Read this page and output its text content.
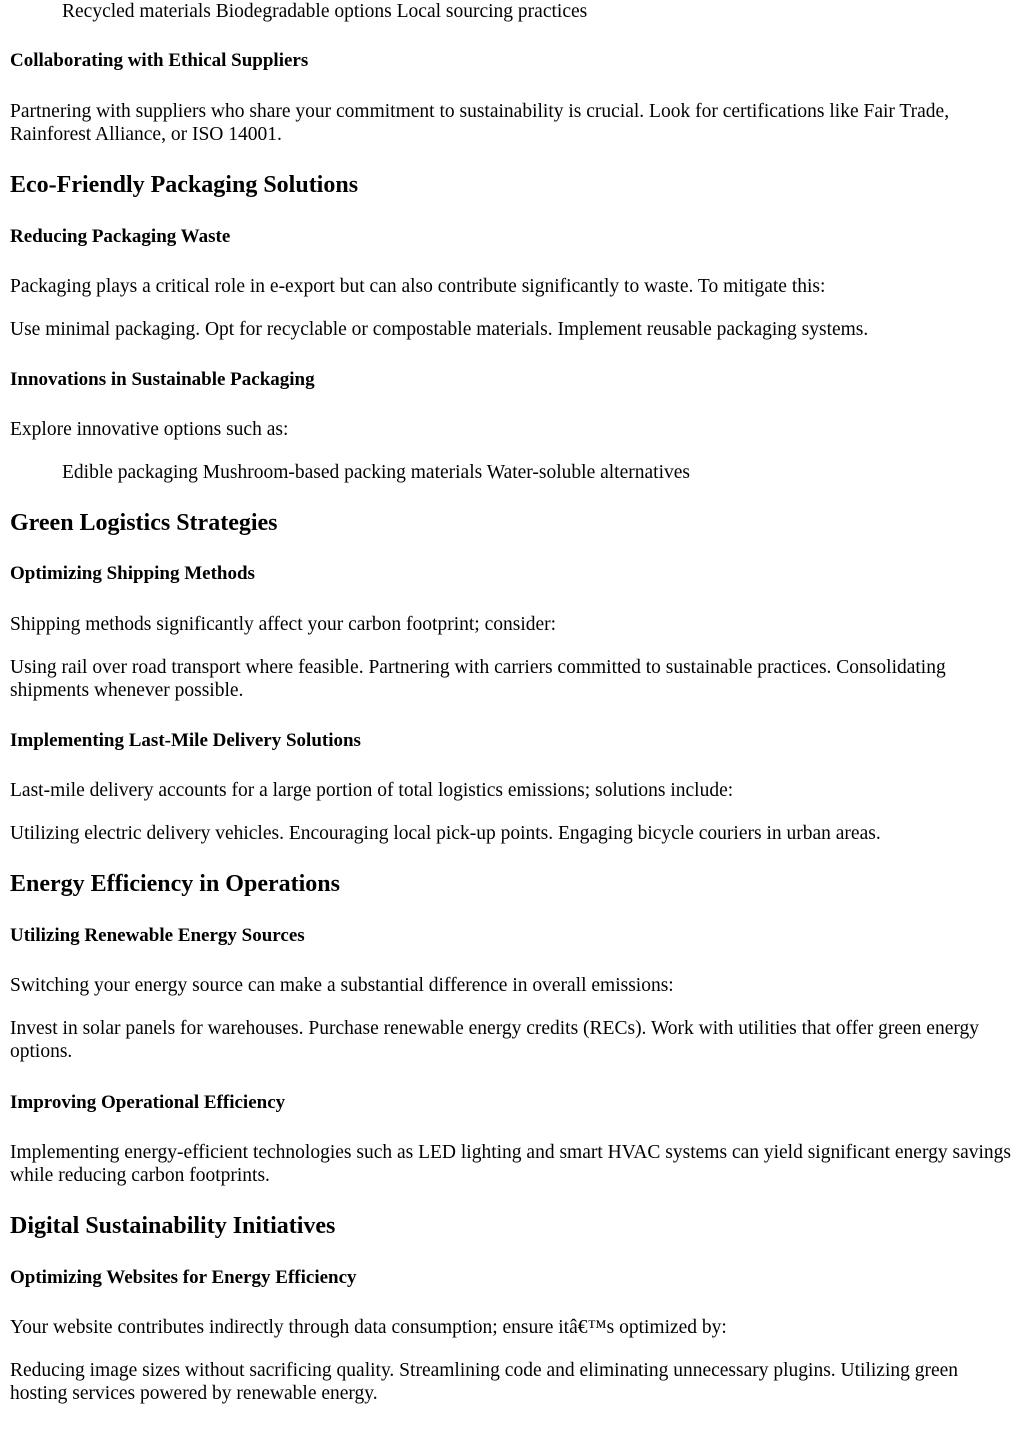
Recycled materials Biodegradable options Local sourcing practices
Collaborating with Ethical Suppliers

Partnering with suppliers who share your commitment to sustainability is crucial. Look for certifications like Fair Trade, Rainforest Alliance, or ISO 14001.

Eco-Friendly Packaging Solutions
Reducing Packaging Waste

Packaging plays a critical role in e-export but can also contribute significantly to waste. To mitigate this:

Use minimal packaging. Opt for recyclable or compostable materials. Implement reusable packaging systems.

Innovations in Sustainable Packaging

Explore innovative options such as:

Edible packaging Mushroom-based packing materials Water-soluble alternatives
Green Logistics Strategies
Optimizing Shipping Methods

Shipping methods significantly affect your carbon footprint; consider:

Using rail over road transport where feasible. Partnering with carriers committed to sustainable practices. Consolidating shipments whenever possible.

Implementing Last-Mile Delivery Solutions

Last-mile delivery accounts for a large portion of total logistics emissions; solutions include:

Utilizing electric delivery vehicles. Encouraging local pick-up points. Engaging bicycle couriers in urban areas.

Energy Efficiency in Operations
Utilizing Renewable Energy Sources

Switching your energy source can make a substantial difference in overall emissions:

Invest in solar panels for warehouses. Purchase renewable energy credits (RECs). Work with utilities that offer green energy options.

Improving Operational Efficiency

Implementing energy-efficient technologies such as LED lighting and smart HVAC systems can yield significant energy savings while reducing carbon footprints.

Digital Sustainability Initiatives
Optimizing Websites for Energy Efficiency

Your website contributes indirectly through data consumption; ensure itâ€™s optimized by:

Reducing image sizes without sacrificing quality. Streamlining code and eliminating unnecessary plugins. Utilizing green hosting services powered by renewable energy.
